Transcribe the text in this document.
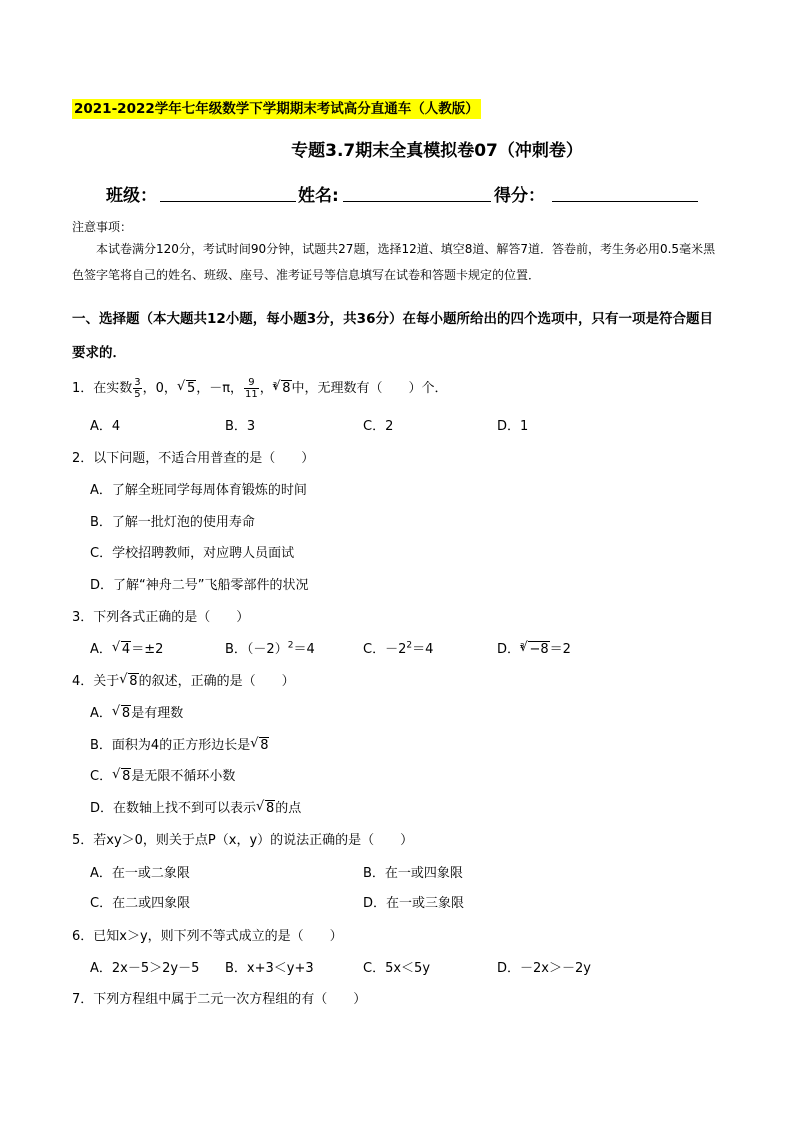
2021-2022学年七年级数学下学期期末考试高分直通车（人教版）
专题3.7期末全真模拟卷07（冲刺卷）
班级：	姓名:	得分：
注意事项：
本试卷满分120分，考试时间90分钟，试题共27题，选择12道、填空8道、解答7道．答卷前，考生务必用0.5毫米黑色签字笔将自己的姓名、班级、座号、准考证号等信息填写在试卷和答题卡规定的位置．
一、选择题（本大题共12小题，每小题3分，共36分）在每小题所给出的四个选项中，只有一项是符合题目要求的．
1．在实数 $\frac{3}{5}$ ，0， √ 5，－π， $\frac{9}{11}$ ，$^3$ √ 8中，无理数有（　　）个．
A．4	B．3	C．2	D．1
2．以下问题，不适合用普查的是（　　）
A．了解全班同学每周体育锻炼的时间
B．了解一批灯泡的使用寿命
C．学校招聘教师，对应聘人员面试
D．了解“神舟二号”飞船零部件的状况
3．下列各式正确的是（　　）
A． √ 4＝±2	B．$(-2)^2=4$	C．$-2^2=4$	D．$^3$ √ −8＝2
4．关于 √ 8的叙述，正确的是（　　）
A． √ 8是有理数
B．面积为4的正方形边长是 √ 8
C． √ 8是无限不循环小数
D．在数轴上找不到可以表示 √ 8的点
5．若xy＞0，则关于点P（x，y）的说法正确的是（　　）
A．在一或二象限	B．在一或四象限
C．在二或四象限	D．在一或三象限
6．已知x＞y，则下列不等式成立的是（　　）
A．2x－5＞2y－5 B．x+3＜y+3	C．5x＜5y	D．－2x＞－2y
7．下列方程组中属于二元一次方程组的有（　　）
